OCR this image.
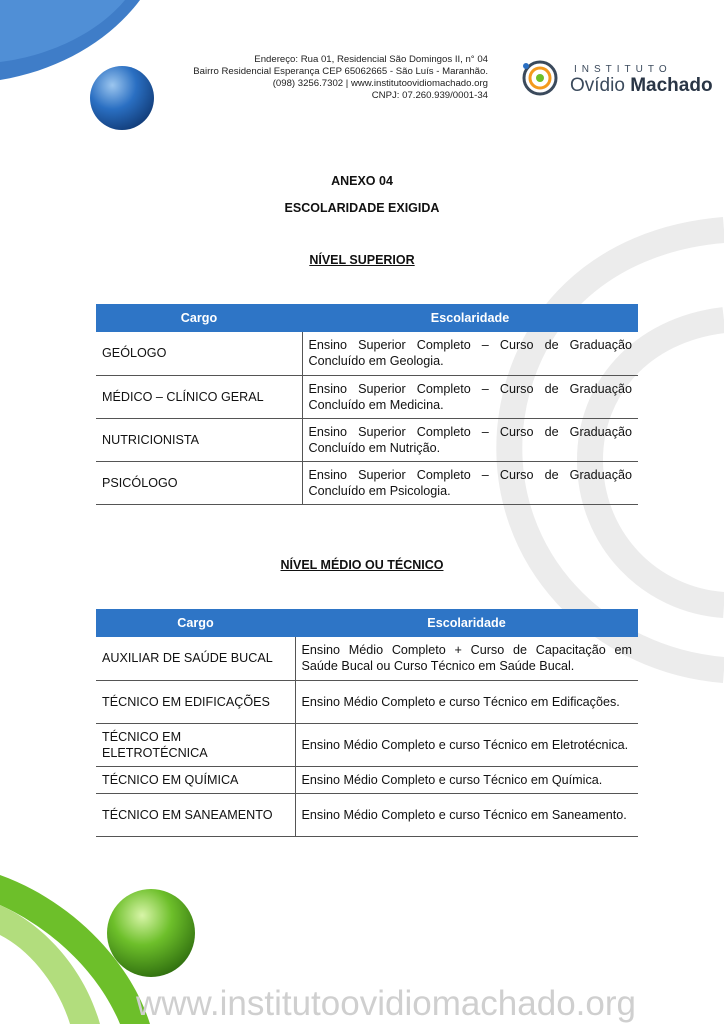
Endereço: Rua 01, Residencial São Domingos II, n° 04
Bairro Residencial Esperança CEP 65062665 - São Luís - Maranhão.
(098) 3256.7302 | www.institutoovidiomachado.org
CNPJ: 07.260.939/0001-34
INSTITUTO
Ovídio Machado
ANEXO 04
ESCOLARIDADE EXIGIDA
NÍVEL SUPERIOR
Cargo	Escolaridade
GEÓLOGO	Ensino Superior Completo – Curso de Graduação Concluído em Geologia.
MÉDICO – CLÍNICO GERAL	Ensino Superior Completo – Curso de Graduação Concluído em Medicina.
NUTRICIONISTA	Ensino Superior Completo – Curso de Graduação Concluído em Nutrição.
PSICÓLOGO	Ensino Superior Completo – Curso de Graduação Concluído em Psicologia.
NÍVEL MÉDIO OU TÉCNICO
Cargo	Escolaridade
AUXILIAR DE SAÚDE BUCAL	Ensino Médio Completo + Curso de Capacitação em Saúde Bucal ou Curso Técnico em Saúde Bucal.
TÉCNICO EM EDIFICAÇÕES	Ensino Médio Completo e curso Técnico em Edificações.
TÉCNICO EM ELETROTÉCNICA	Ensino Médio Completo e curso Técnico em Eletrotécnica.
TÉCNICO EM QUÍMICA	Ensino Médio Completo e curso Técnico em Química.
TÉCNICO EM SANEAMENTO	Ensino Médio Completo e curso Técnico em Saneamento.
www.institutoovidiomachado.org
